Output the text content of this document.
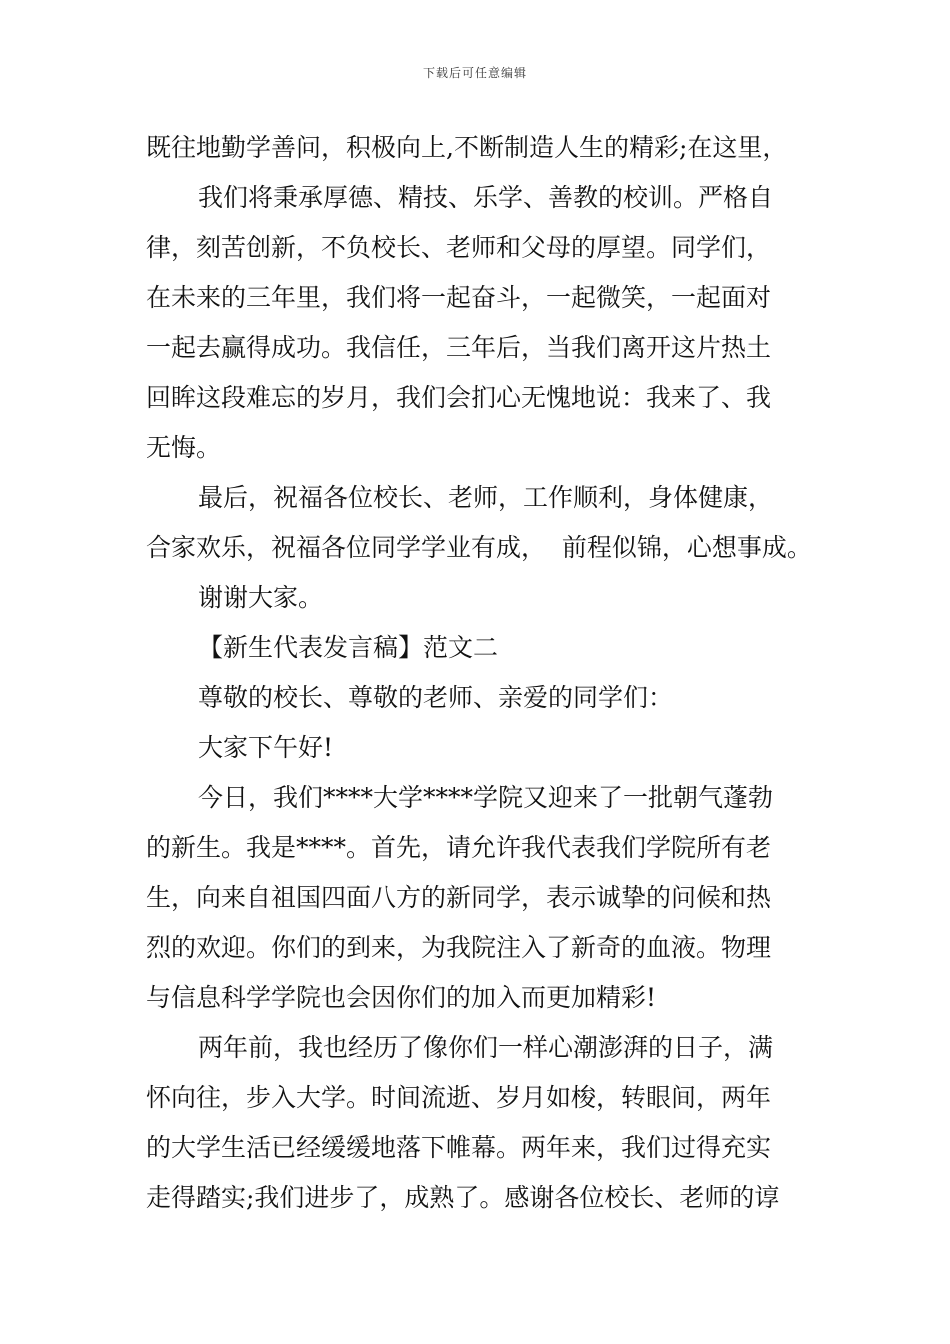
下载后可任意编辑
既往地勤学善问，积极向上,不断制造人生的精彩;在这里，
我们将秉承厚德、精技、乐学、善教的校训。严格自
律，刻苦创新，不负校长、老师和父母的厚望。同学们，
在未来的三年里，我们将一起奋斗，一起微笑，一起面对
一起去赢得成功。我信任，三年后，当我们离开这片热土
回眸这段难忘的岁月，我们会扪心无愧地说：我来了、我
无悔。
最后，祝福各位校长、老师，工作顺利，身体健康，
合家欢乐，祝福各位同学学业有成，  前程似锦，心想事成。
谢谢大家。
【新生代表发言稿】范文二
尊敬的校长、尊敬的老师、亲爱的同学们：
大家下午好!
今日，我们****大学****学院又迎来了一批朝气蓬勃
的新生。我是****。首先，请允许我代表我们学院所有老
生，向来自祖国四面八方的新同学，表示诚挚的问候和热
烈的欢迎。你们的到来，为我院注入了新奇的血液。物理
与信息科学学院也会因你们的加入而更加精彩!
两年前，我也经历了像你们一样心潮澎湃的日子，满
怀向往，步入大学。时间流逝、岁月如梭，转眼间，两年
的大学生活已经缓缓地落下帷幕。两年来，我们过得充实
走得踏实;我们进步了，成熟了。感谢各位校长、老师的谆
